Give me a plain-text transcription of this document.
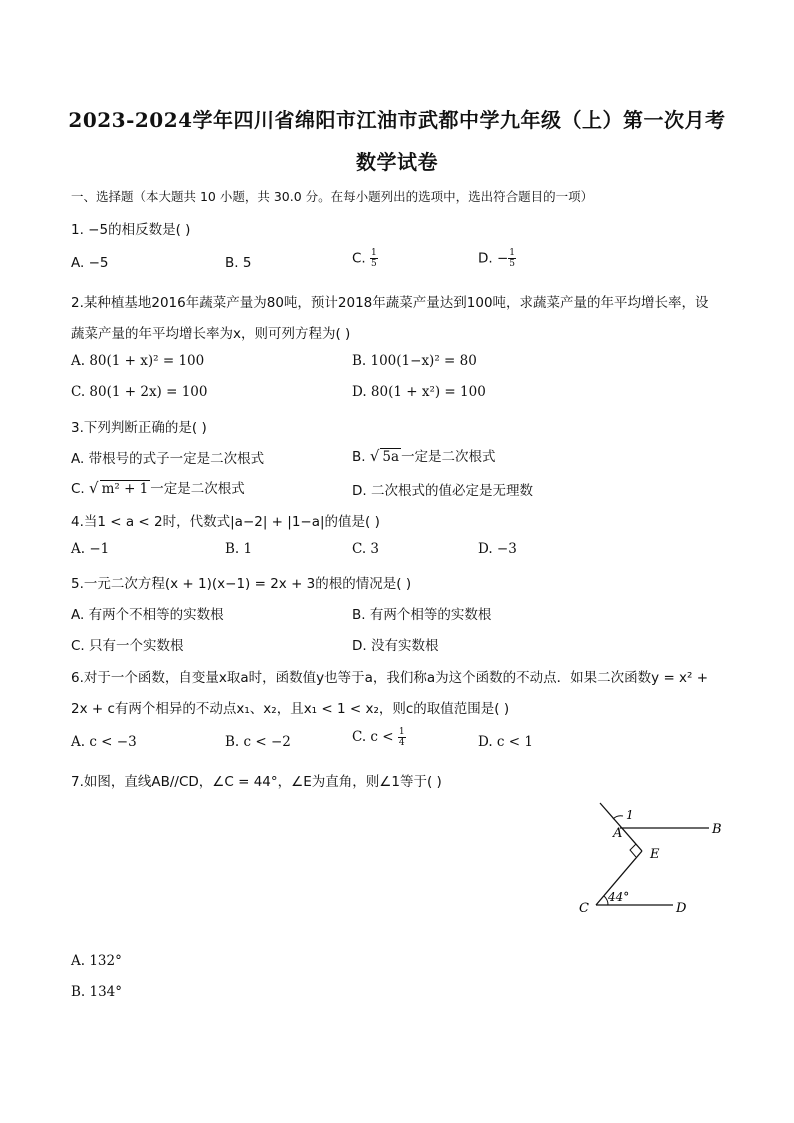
2023-2024学年四川省绵阳市江油市武都中学九年级（上）第一次月考
数学试卷
一、选择题（本大题共 10 小题，共 30.0 分。在每小题列出的选项中，选出符合题目的一项）
1. −5的相反数是( )
A. −5	B. 5	C. $\frac{1}{5}$	D. − $\frac{1}{5}$
2.某种植基地2016年蔬菜产量为80吨，预计2018年蔬菜产量达到100吨，求蔬菜产量的年平均增长率，设
蔬菜产量的年平均增长率为x，则可列方程为( )
A. 80(1 + x)² = 100	B. 100(1−x)² = 80
C. 80(1 + 2x) = 100	D. 80(1 + x²) = 100
3.下列判断正确的是( )
A. 带根号的式子一定是二次根式	B. √ 5a 一定是二次根式
C. √ m² + 1 一定是二次根式	D. 二次根式的值必定是无理数
4.当1 < a < 2时，代数式|a−2| + |1−a|的值是( )
A. −1	B. 1	C. 3	D. −3
5.一元二次方程(x + 1)(x−1) = 2x + 3的根的情况是( )
A. 有两个不相等的实数根	B. 有两个相等的实数根
C. 只有一个实数根	D. 没有实数根
6.对于一个函数，自变量x取a时，函数值y也等于a，我们称a为这个函数的不动点．如果二次函数y = x² +
2x + c有两个相异的不动点x₁、x₂，且x₁ < 1 < x₂，则c的取值范围是( )
A. c < −3	B. c < −2	C. $c < \frac{1}{4}$	D. c < 1
7.如图，直线AB//CD，∠C = 44°，∠E为直角，则∠1等于( )
1
A	B
E
C	D
44°
A. 132°
B. 134°
